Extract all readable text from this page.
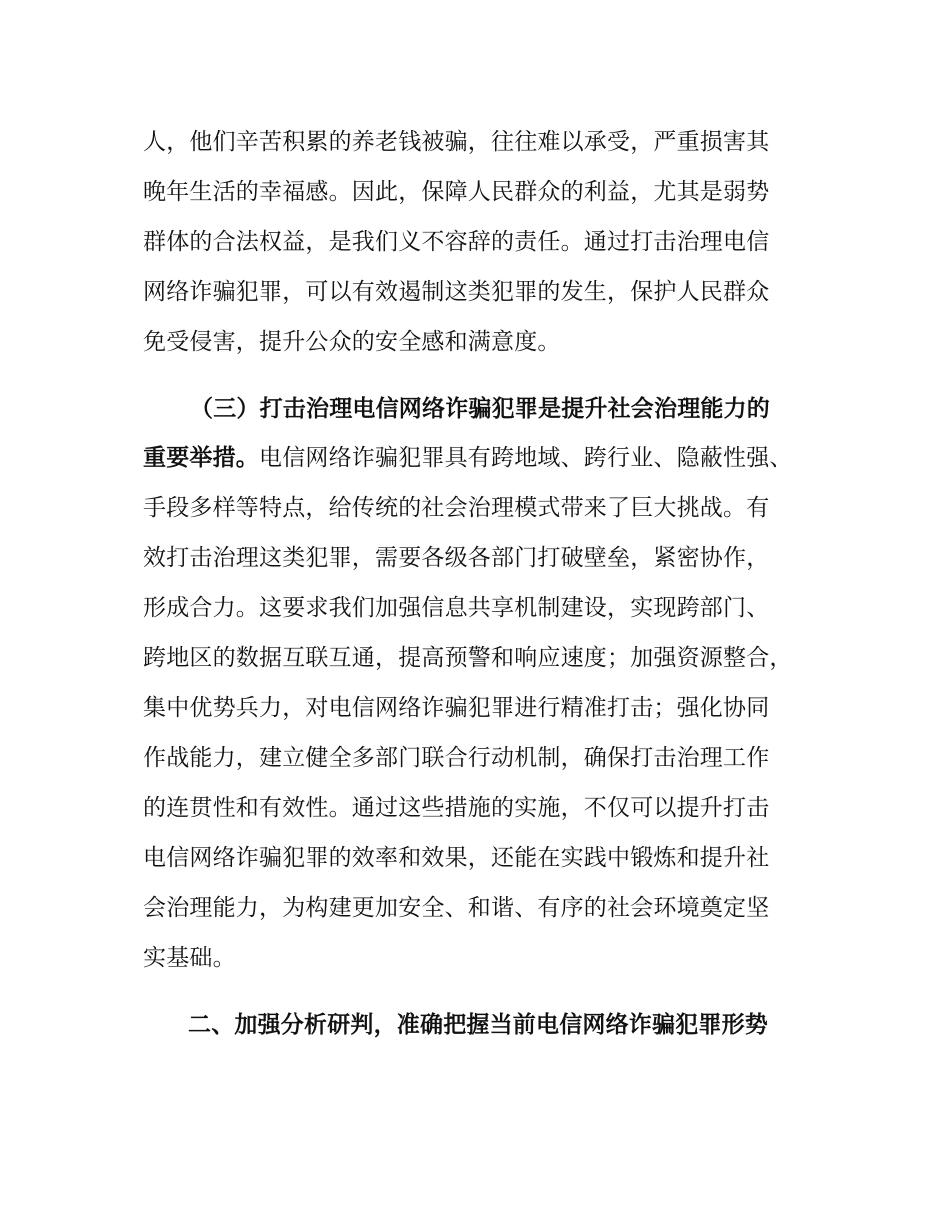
人，他们辛苦积累的养老钱被骗，往往难以承受，严重损害其
晚年生活的幸福感。因此，保障人民群众的利益，尤其是弱势
群体的合法权益，是我们义不容辞的责任。通过打击治理电信
网络诈骗犯罪，可以有效遏制这类犯罪的发生，保护人民群众
免受侵害，提升公众的安全感和满意度。
（三）打击治理电信网络诈骗犯罪是提升社会治理能力的
重要举措。电信网络诈骗犯罪具有跨地域、跨行业、隐蔽性强、
手段多样等特点，给传统的社会治理模式带来了巨大挑战。有
效打击治理这类犯罪，需要各级各部门打破壁垒，紧密协作，
形成合力。这要求我们加强信息共享机制建设，实现跨部门、
跨地区的数据互联互通，提高预警和响应速度；加强资源整合，
集中优势兵力，对电信网络诈骗犯罪进行精准打击；强化协同
作战能力，建立健全多部门联合行动机制，确保打击治理工作
的连贯性和有效性。通过这些措施的实施，不仅可以提升打击
电信网络诈骗犯罪的效率和效果，还能在实践中锻炼和提升社
会治理能力，为构建更加安全、和谐、有序的社会环境奠定坚
实基础。
二、加强分析研判，准确把握当前电信网络诈骗犯罪形势
